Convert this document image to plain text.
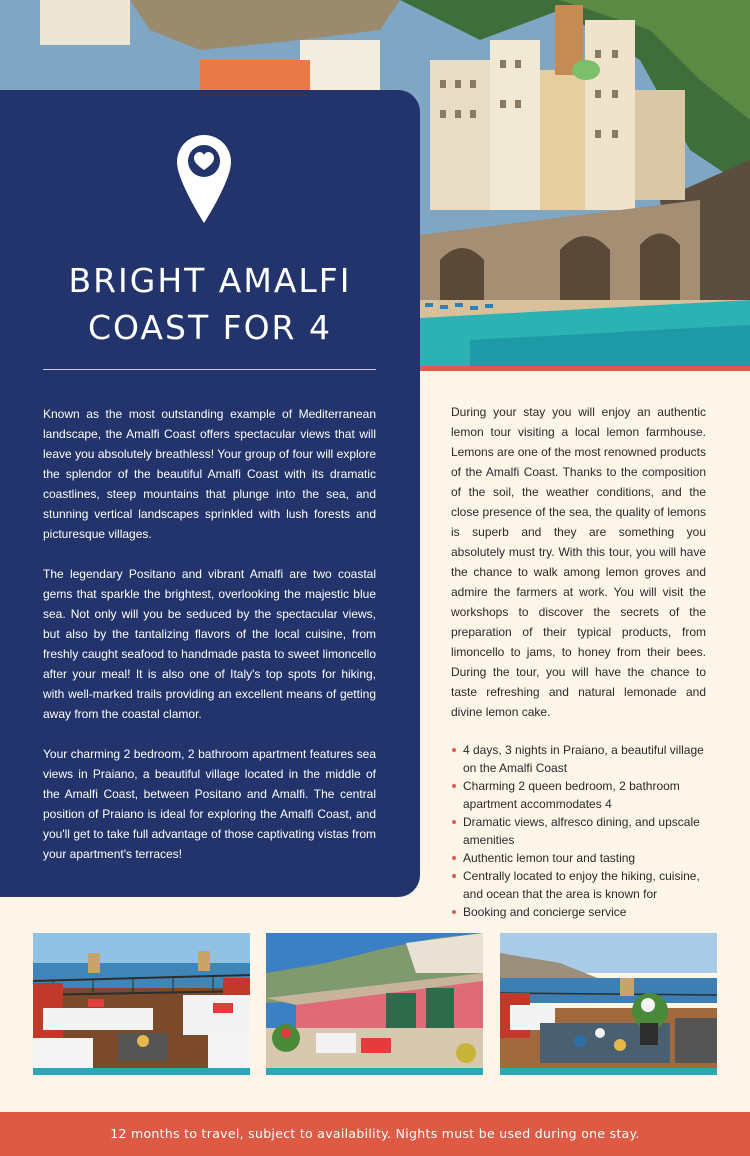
BRIGHT AMALFI
COAST FOR 4

Known as the most outstanding example of Mediterranean landscape, the Amalfi Coast offers spectacular views that will leave you absolutely breathless! Your group of four will explore the splendor of the beautiful Amalfi Coast with its dramatic coastlines, steep mountains that plunge into the sea, and stunning vertical landscapes sprinkled with lush forests and picturesque villages.

The legendary Positano and vibrant Amalfi are two coastal gems that sparkle the brightest, overlooking the majestic blue sea. Not only will you be seduced by the spectacular views, but also by the tantalizing flavors of the local cuisine, from freshly caught seafood to handmade pasta to sweet limoncello after your meal! It is also one of Italy's top spots for hiking, with well-marked trails providing an excellent means of getting away from the coastal clamor.

Your charming 2 bedroom, 2 bathroom apartment features sea views in Praiano, a beautiful village located in the middle of the Amalfi Coast, between Positano and Amalfi. The central position of Praiano is ideal for exploring the Amalfi Coast, and you'll get to take full advantage of those captivating vistas from your apartment's terraces!

During your stay you will enjoy an authentic lemon tour visiting a local lemon farmhouse. Lemons are one of the most renowned products of the Amalfi Coast. Thanks to the composition of the soil, the weather conditions, and the close presence of the sea, the quality of lemons is superb and they are something you absolutely must try. With this tour, you will have the chance to walk among lemon groves and admire the farmers at work. You will visit the workshops to discover the secrets of the preparation of their typical products, from limoncello to jams, to honey from their bees. During the tour, you will have the chance to taste refreshing and natural lemonade and divine lemon cake.

4 days, 3 nights in Praiano, a beautiful village on the Amalfi Coast
Charming 2 queen bedroom, 2 bathroom apartment accommodates 4
Dramatic views, alfresco dining, and upscale amenities
Authentic lemon tour and tasting
Centrally located to enjoy the hiking, cuisine, and ocean that the area is known for
Booking and concierge service
12 months to travel, subject to availability. Nights must be used during one stay.
